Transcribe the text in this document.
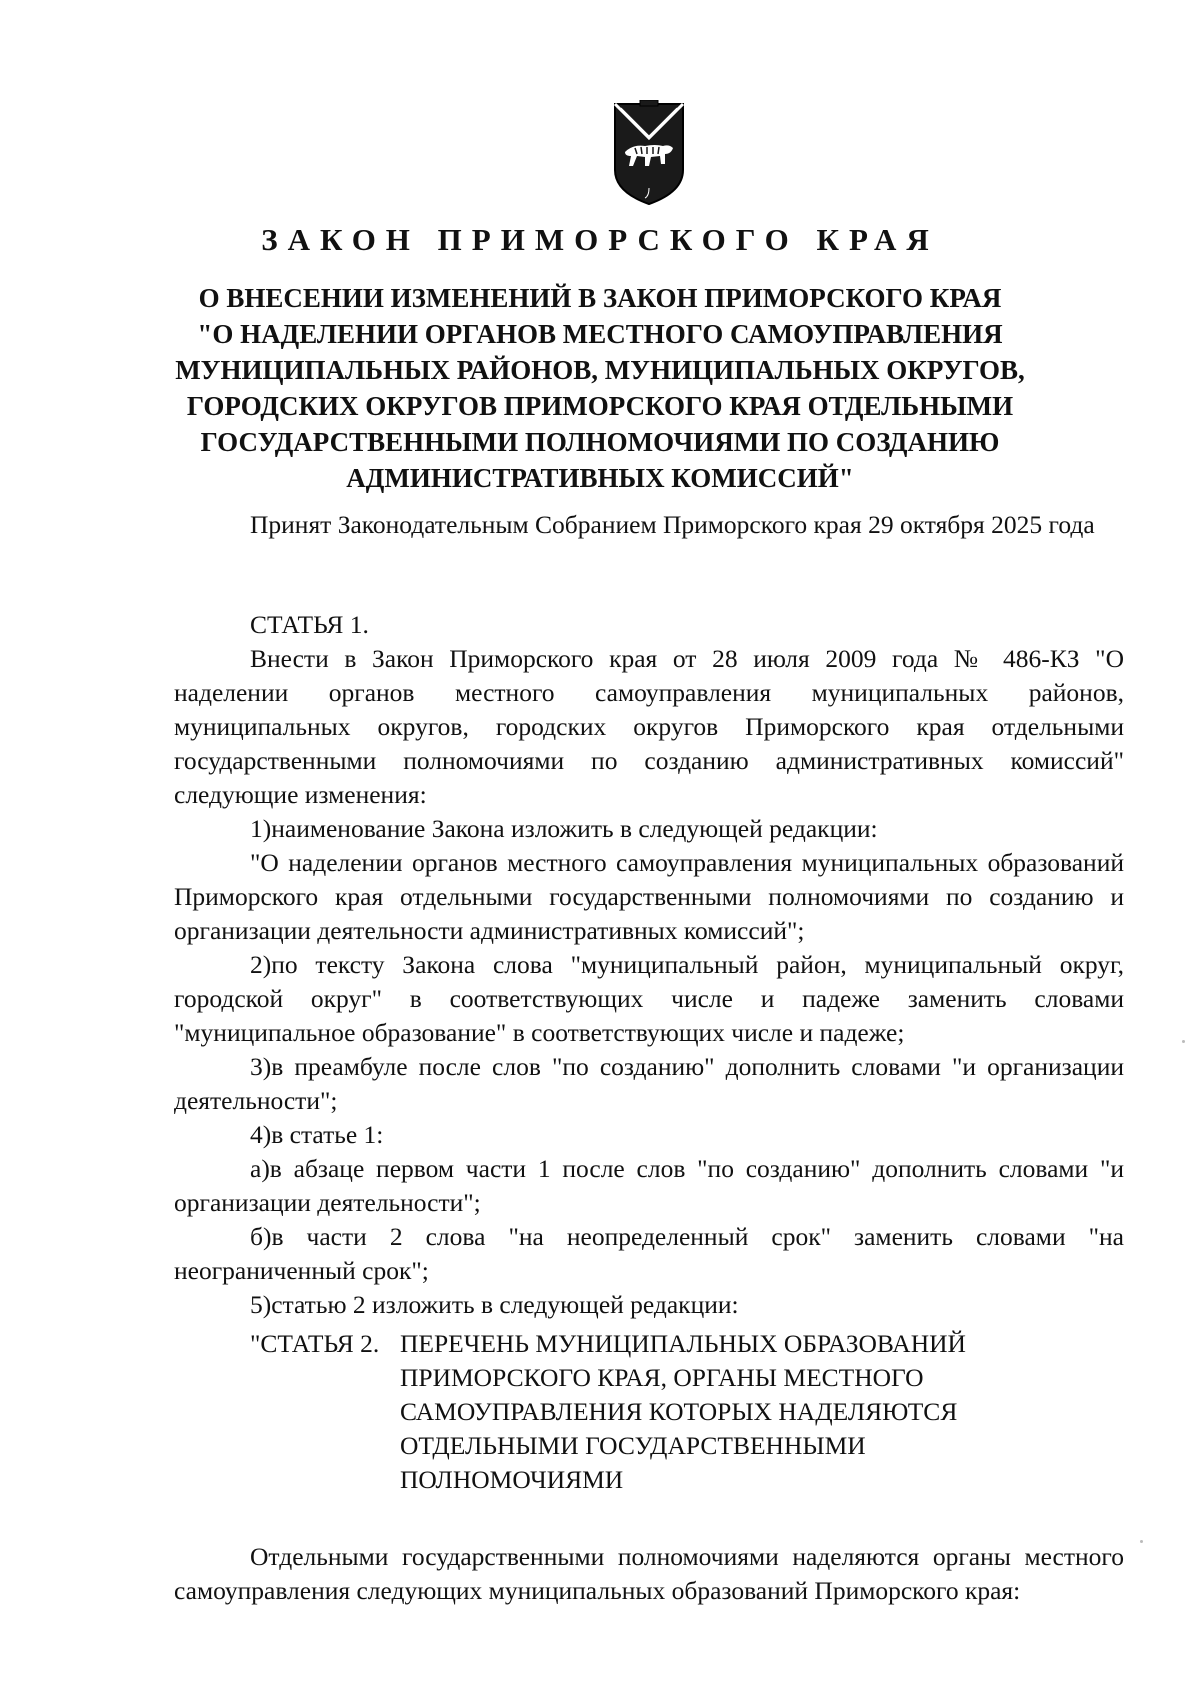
ЗАКОН ПРИМОРСКОГО КРАЯ
О ВНЕСЕНИИ ИЗМЕНЕНИЙ В ЗАКОН ПРИМОРСКОГО КРАЯ
"О НАДЕЛЕНИИ ОРГАНОВ МЕСТНОГО САМОУПРАВЛЕНИЯ
МУНИЦИПАЛЬНЫХ РАЙОНОВ, МУНИЦИПАЛЬНЫХ ОКРУГОВ,
ГОРОДСКИХ ОКРУГОВ ПРИМОРСКОГО КРАЯ ОТДЕЛЬНЫМИ
ГОСУДАРСТВЕННЫМИ ПОЛНОМОЧИЯМИ ПО СОЗДАНИЮ
АДМИНИСТРАТИВНЫХ КОМИССИЙ"

Принят Законодательным Собранием Приморского края 29 октября 2025 года

СТАТЬЯ 1.

Внести в Закон Приморского края от 28 июля 2009 года № 486-КЗ "О наделении органов местного самоуправления муниципальных районов, муниципальных округов, городских округов Приморского края отдельными государственными полномочиями по созданию административных комиссий" следующие изменения:

1)наименование Закона изложить в следующей редакции:

"О наделении органов местного самоуправления муниципальных образований Приморского края отдельными государственными полномочиями по созданию и организации деятельности административных комиссий";

2)по тексту Закона слова "муниципальный район, муниципальный округ, городской округ" в соответствующих числе и падеже заменить словами "муниципальное образование" в соответствующих числе и падеже;

3)в преамбуле после слов "по созданию" дополнить словами "и организации деятельности";

4)в статье 1:

а)в абзаце первом части 1 после слов "по созданию" дополнить словами "и организации деятельности";

б)в части 2 слова "на неопределенный срок" заменить словами "на неограниченный срок";

5)статью 2 изложить в следующей редакции:

"СТАТЬЯ 2. ПЕРЕЧЕНЬ МУНИЦИПАЛЬНЫХ ОБРАЗОВАНИЙ
ПРИМОРСКОГО КРАЯ, ОРГАНЫ МЕСТНОГО
САМОУПРАВЛЕНИЯ КОТОРЫХ НАДЕЛЯЮТСЯ
ОТДЕЛЬНЫМИ ГОСУДАРСТВЕННЫМИ
ПОЛНОМОЧИЯМИ

Отдельными государственными полномочиями наделяются органы местного самоуправления следующих муниципальных образований Приморского края:
